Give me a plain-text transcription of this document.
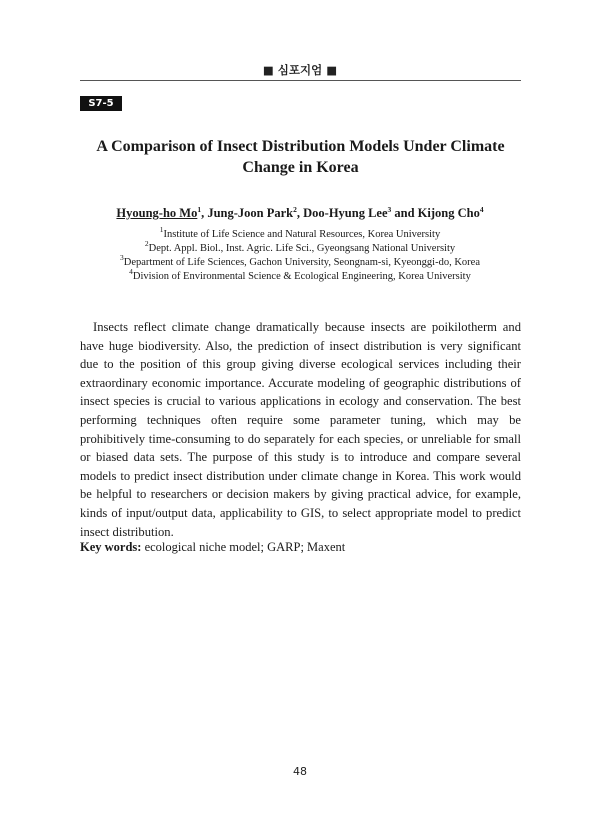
■ 심포지엄 ■
S7-5
A Comparison of Insect Distribution Models Under Climate Change in Korea
Hyoung-ho Mo$^1$, Jung-Joon Park$^2$, Doo-Hyung Lee$^3$ and Kijong Cho$^4$
$^1$Institute of Life Science and Natural Resources, Korea University
$^2$Dept. Appl. Biol., Inst. Agric. Life Sci., Gyeongsang National University
$^3$Department of Life Sciences, Gachon University, Seongnam-si, Kyeonggi-do, Korea
$^4$Division of Environmental Science & Ecological Engineering, Korea University

Insects reflect climate change dramatically because insects are poikilotherm and have huge biodiversity. Also, the prediction of insect distribution is very significant due to the position of this group giving diverse ecological services including their extraordinary economic importance. Accurate modeling of geographic distributions of insect species is crucial to various applications in ecology and conservation. The best performing techniques often require some parameter tuning, which may be prohibitively time-consuming to do separately for each species, or unreliable for small or biased data sets. The purpose of this study is to introduce and compare several models to predict insect distribution under climate change in Korea. This work would be helpful to researchers or decision makers by giving practical advice, for example, kinds of input/output data, applicability to GIS, to select appropriate model to predict insect distribution.

Key words: ecological niche model; GARP; Maxent
48
